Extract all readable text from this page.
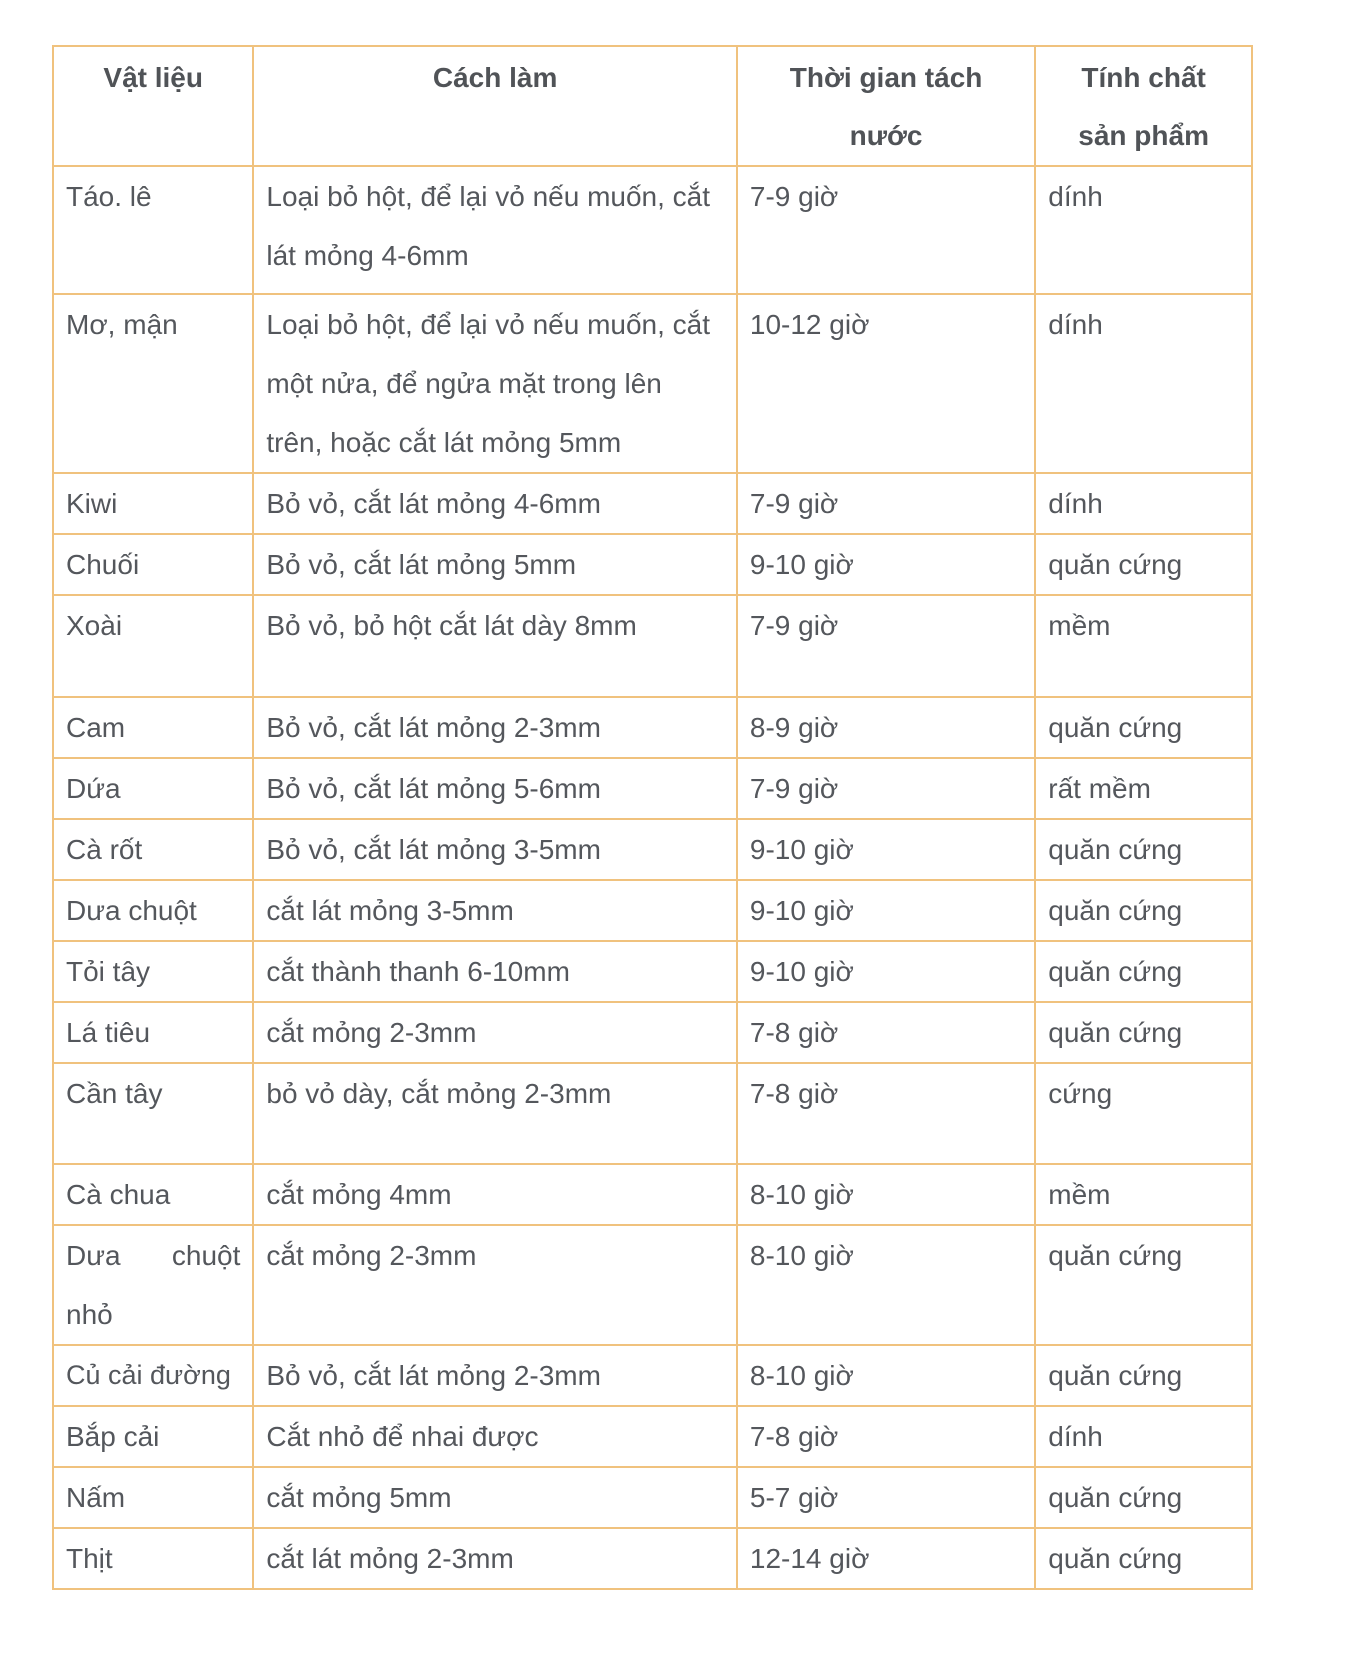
Vật liệu	Cách làm	Thời gian tách nước	Tính chất sản phẩm
Táo. lê	Loại bỏ hột, để lại vỏ nếu muốn, cắt lát mỏng 4-6mm	7-9 giờ	dính
Mơ, mận	Loại bỏ hột, để lại vỏ nếu muốn, cắt một nửa, để ngửa mặt trong lên trên, hoặc cắt lát mỏng 5mm	10-12 giờ	dính
Kiwi	Bỏ vỏ, cắt lát mỏng 4-6mm	7-9 giờ	dính
Chuối	Bỏ vỏ, cắt lát mỏng 5mm	9-10 giờ	quăn cứng
Xoài	Bỏ vỏ, bỏ hột cắt lát dày 8mm	7-9 giờ	mềm
Cam	Bỏ vỏ, cắt lát mỏng 2-3mm	8-9 giờ	quăn cứng
Dứa	Bỏ vỏ, cắt lát mỏng 5-6mm	7-9 giờ	rất mềm
Cà rốt	Bỏ vỏ, cắt lát mỏng 3-5mm	9-10 giờ	quăn cứng
Dưa chuột	cắt lát mỏng 3-5mm	9-10 giờ	quăn cứng
Tỏi tây	cắt thành thanh 6-10mm	9-10 giờ	quăn cứng
Lá tiêu	cắt mỏng 2-3mm	7-8 giờ	quăn cứng
Cần tây	bỏ vỏ dày, cắt mỏng 2-3mm	7-8 giờ	cứng
Cà chua	cắt mỏng 4mm	8-10 giờ	mềm
Dưa chuột nhỏ	cắt mỏng 2-3mm	8-10 giờ	quăn cứng
Củ cải đường	Bỏ vỏ, cắt lát mỏng 2-3mm	8-10 giờ	quăn cứng
Bắp cải	Cắt nhỏ để nhai được	7-8 giờ	dính
Nấm	cắt mỏng 5mm	5-7 giờ	quăn cứng
Thịt	cắt lát mỏng 2-3mm	12-14 giờ	quăn cứng
